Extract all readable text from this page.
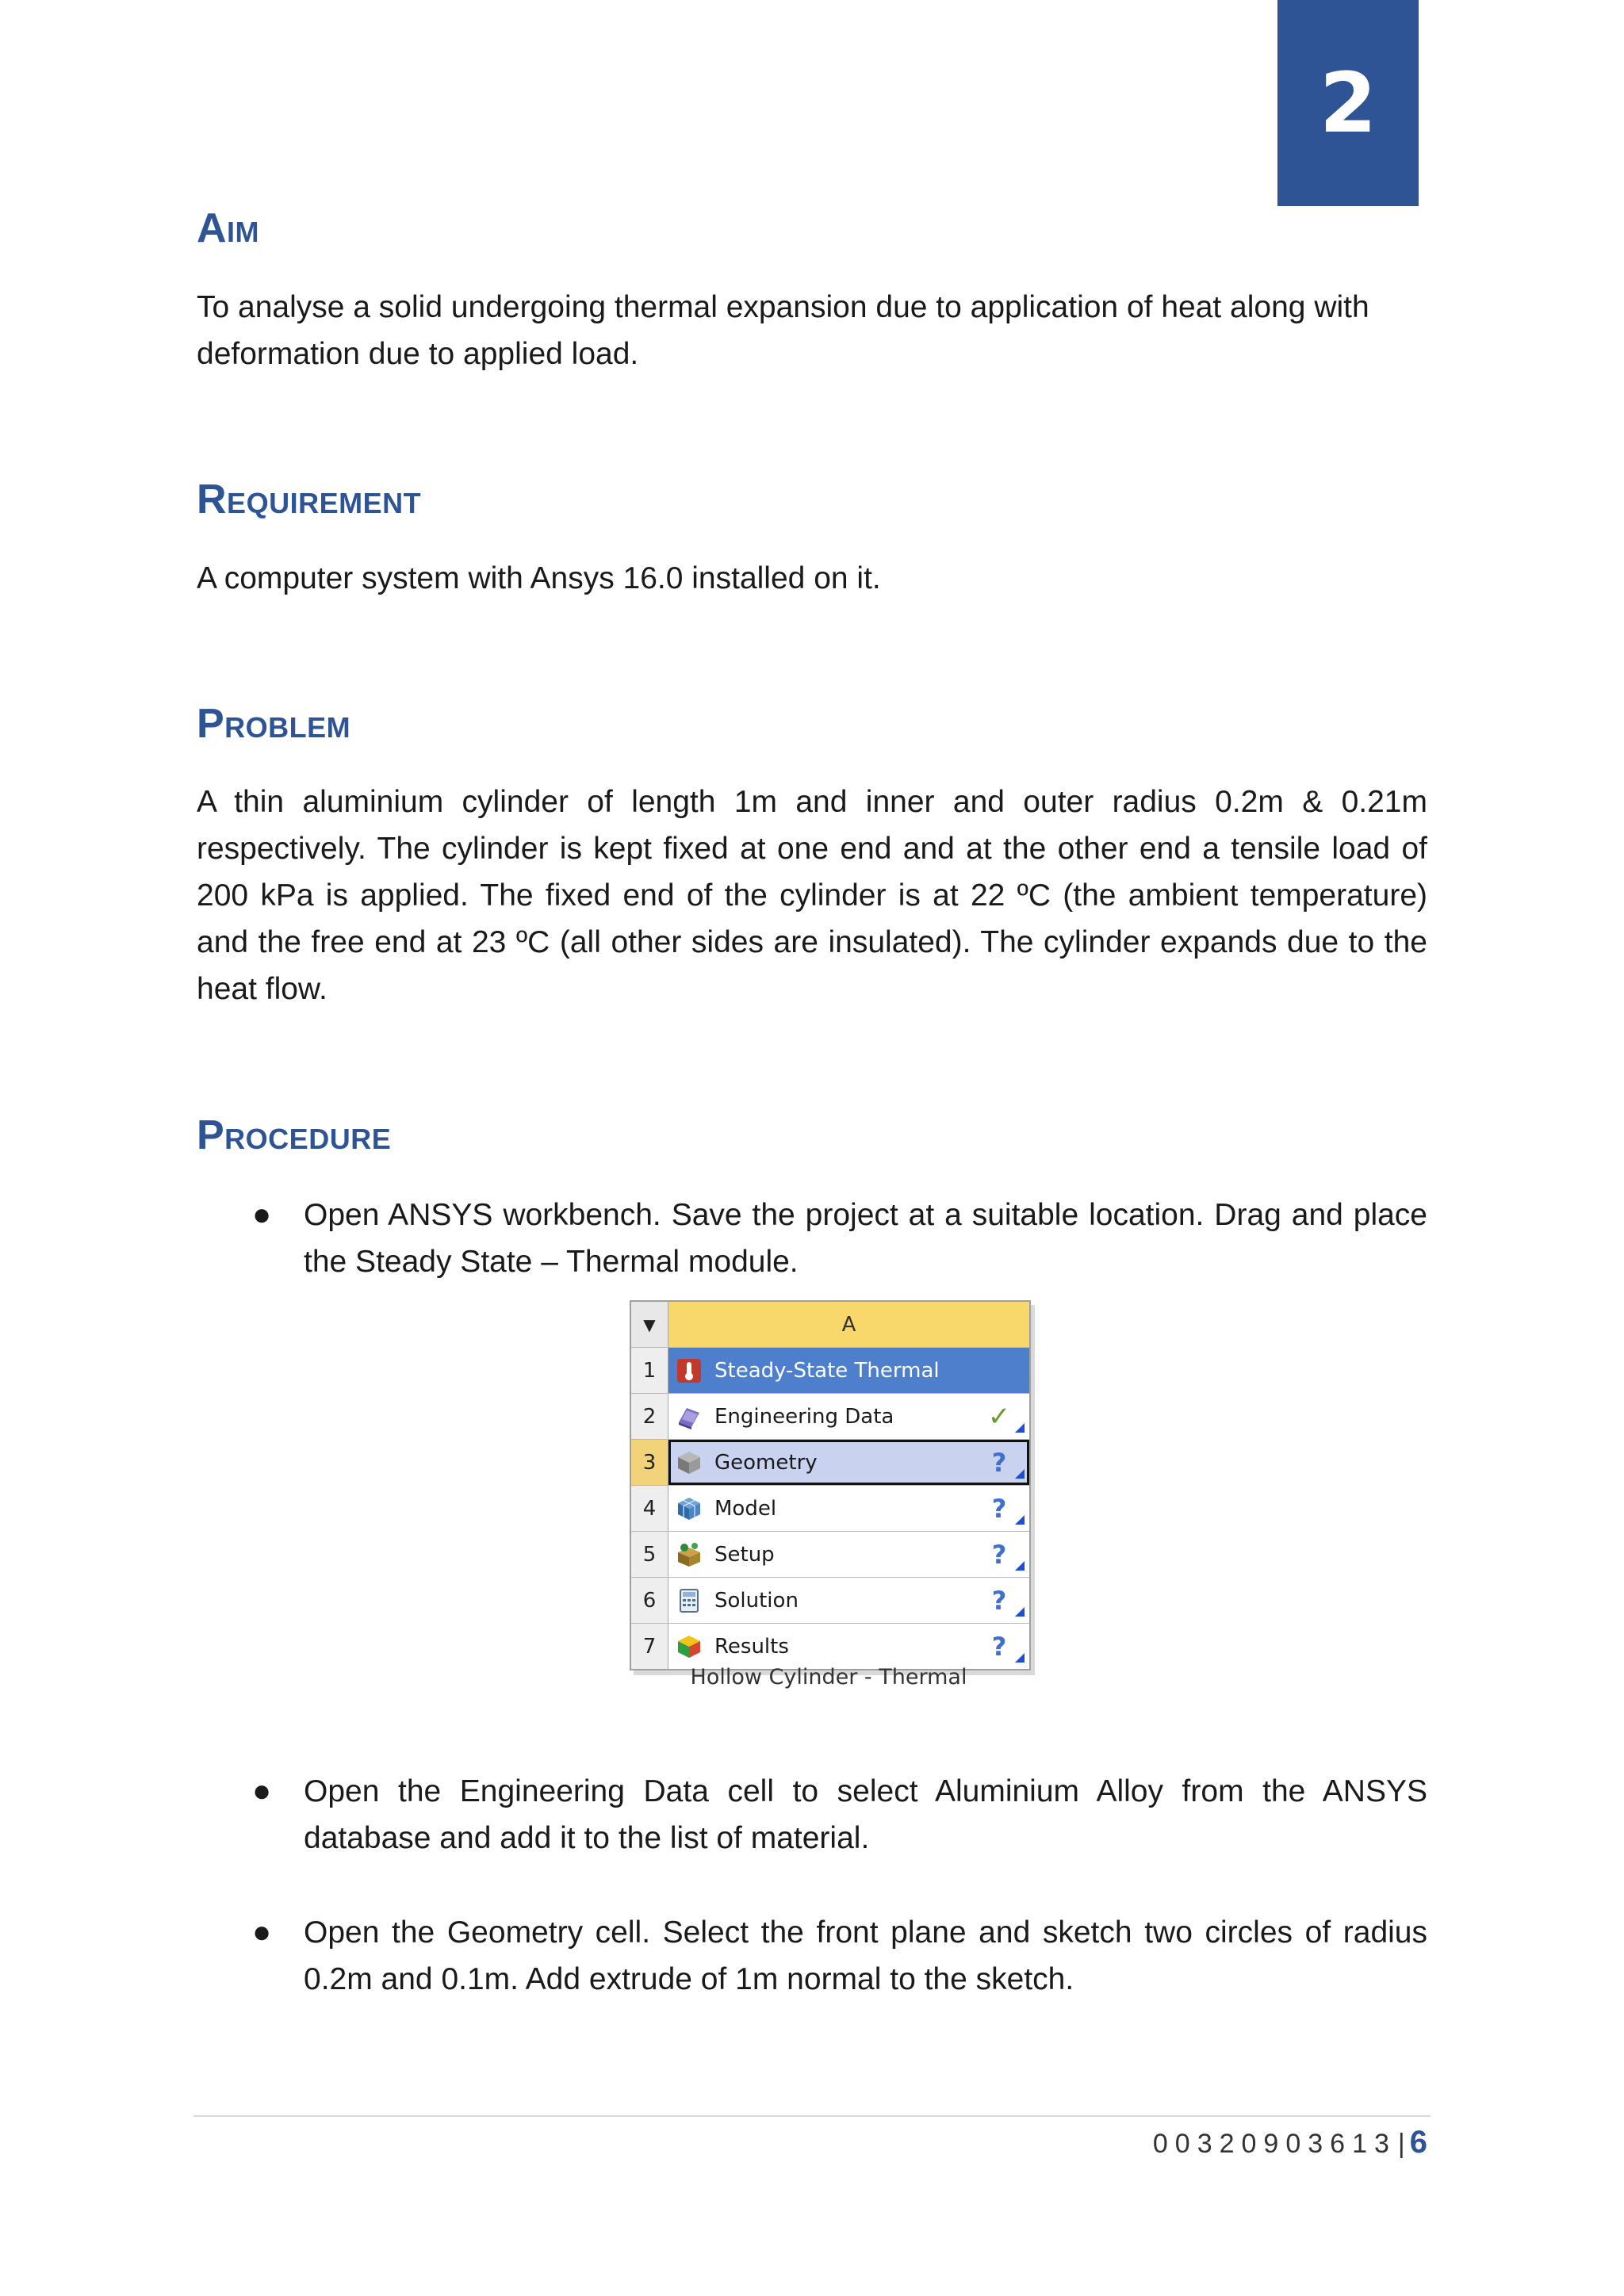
2
Aim

To analyse a solid undergoing thermal expansion due to application of heat along with deformation due to applied load.

Requirement

A computer system with Ansys 16.0 installed on it.

Problem

A thin aluminium cylinder of length 1m and inner and outer radius 0.2m & 0.21m respectively. The cylinder is kept fixed at one end and at the other end a tensile load of 200 kPa is applied. The fixed end of the cylinder is at 22 ºC (the ambient temperature) and the free end at 23 ºC (all other sides are insulated). The cylinder expands due to the heat flow.

Procedure
●	Open ANSYS workbench. Save the project at a suitable location. Drag and place the Steady State – Thermal module.

▼	A
1	Steady-State Thermal
2	Engineering Data	✓
3	Geometry	?
4	Model	?
5	Setup	?
6	Solution	?
7	Results	?
Hollow Cylinder - Thermal
●	Open the Engineering Data cell to select Aluminium Alloy from the ANSYS database and add it to the list of material.

●	Open the Geometry cell. Select the front plane and sketch two circles of radius 0.2m and 0.1m. Add extrude of 1m normal to the sketch.

00320903613 | 6
